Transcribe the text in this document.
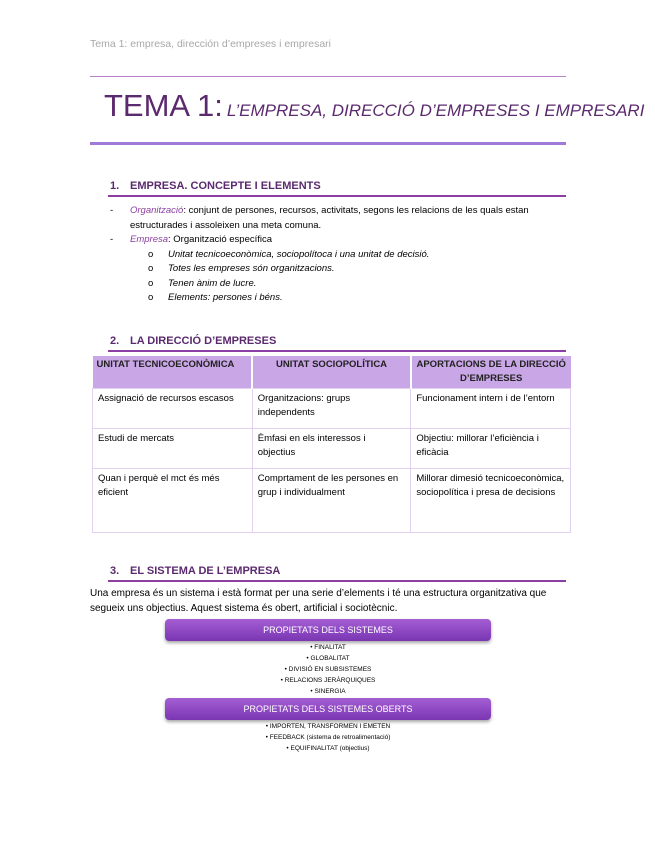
Tema 1: empresa, dirección d’empreses i empresari
TEMA 1: L’EMPRESA, DIRECCIÓ D’EMPRESES I EMPRESARI
1. EMPRESA. CONCEPTE I ELEMENTS
- Organització: conjunt de persones, recursos, activitats, segons les relacions de les quals estan estructurades i assoleixen una meta comuna.
- Empresa: Organització específica
o Unitat tecnicoeconòmica, sociopolítoca i una unitat de decisió.
o Totes les empreses són organitzacions.
o Tenen ànim de lucre.
o Elements: persones i béns.
2. LA DIRECCIÓ D’EMPRESES
UNITAT TECNICOECONÒMICA	UNITAT SOCIOPOLÍTICA	APORTACIONS DE LA DIRECCIÓ D’EMPRESES
Assignació de recursos escasos	Organitzacions: grups independents	Funcionament intern i de l’entorn
Estudi de mercats	Èmfasi en els interessos i objectius	Objectiu: millorar l’eficiència i eficàcia
Quan i perquè el mct és més eficient	Comprtament de les persones en grup i individualment	Millorar dimesió tecnicoeconòmica, sociopolítica i presa de decisions
3. EL SISTEMA DE L’EMPRESA
Una empresa és un sistema i està format per una serie d’elements i té una estructura organitzativa que segueix uns objectius. Aquest sistema és obert, artificial i sociotècnic.
PROPIETATS DELS SISTEMES
• FINALITAT
• GLOBALITAT
• DIVISIÓ EN SUBSISTEMES
• RELACIONS JERÀRQUIQUES
• SINERGIA
PROPIETATS DELS SISTEMES OBERTS
• IMPORTEN, TRANSFORMEN I EMETEN
• FEEDBACK (sistema de retroalimentació)
• EQUIFINALITAT (objectius)
